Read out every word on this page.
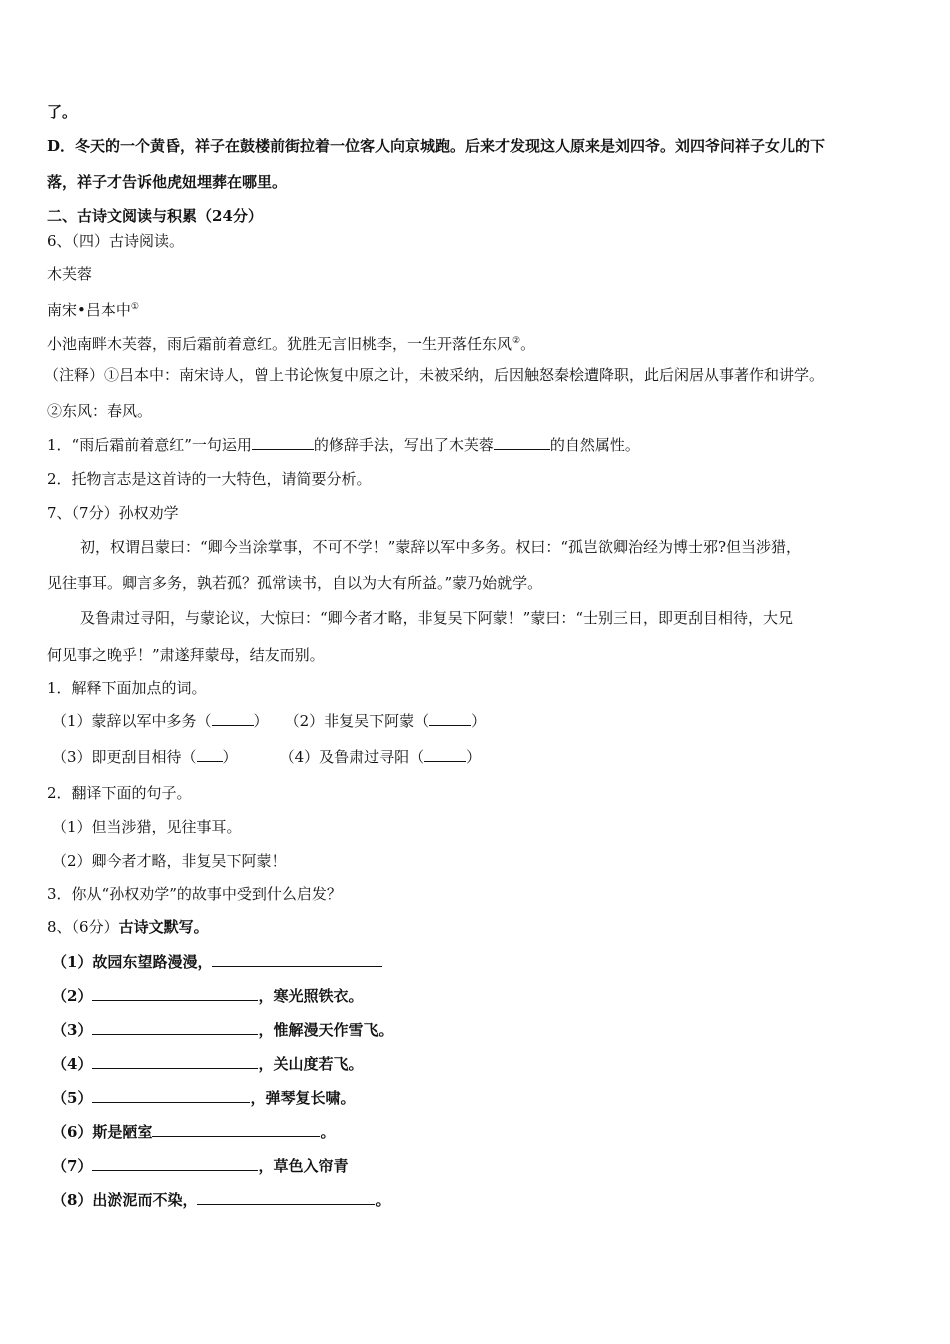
了。
D．冬天的一个黄昏，祥子在鼓楼前街拉着一位客人向京城跑。后来才发现这人原来是刘四爷。刘四爷问祥子女儿的下
落，祥子才告诉他虎妞埋葬在哪里。
二、古诗文阅读与积累（24分）
6、（四）古诗阅读。
木芙蓉
南宋•吕本中①
小池南畔木芙蓉，雨后霜前着意红。犹胜无言旧桃李，一生开落任东风②。
（注释）①吕本中：南宋诗人，曾上书论恢复中原之计，未被采纳，后因触怒秦桧遭降职，此后闲居从事著作和讲学。
②东风：春风。
1．“雨后霜前着意红”一句运用	的修辞手法，写出了木芙蓉	的自然属性。
2．托物言志是这首诗的一大特色，请简要分析。
7、（7分）孙权劝学
初，权谓吕蒙曰：“卿今当涂掌事，不可不学！”蒙辞以军中多务。权曰：“孤岂欲卿治经为博士邪?但当涉猎，
见往事耳。卿言多务，孰若孤？孤常读书，自以为大有所益。”蒙乃始就学。
及鲁肃过寻阳，与蒙论议，大惊曰：“卿今者才略，非复吴下阿蒙！”蒙曰：“士别三日，即更刮目相待，大兄
何见事之晚乎！”肃遂拜蒙母，结友而别。
1．解释下面加点的词。
（1）蒙辞以军中多务（	） （2）非复吴下阿蒙（	）
（3）即更刮目相待（ ）	（4）及鲁肃过寻阳（	）
2．翻译下面的句子。
（1）但当涉猎，见往事耳。
（2）卿今者才略，非复吴下阿蒙！
3．你从“孙权劝学”的故事中受到什么启发？
8、（6分）古诗文默写。
（1）故园东望路漫漫，
（2）	，寒光照铁衣。
（3）	，惟解漫天作雪飞。
（4）	，关山度若飞。
（5）	，弹琴复长啸。
（6）斯是陋室	。
（7）	，草色入帘青
（8）出淤泥而不染，	。
